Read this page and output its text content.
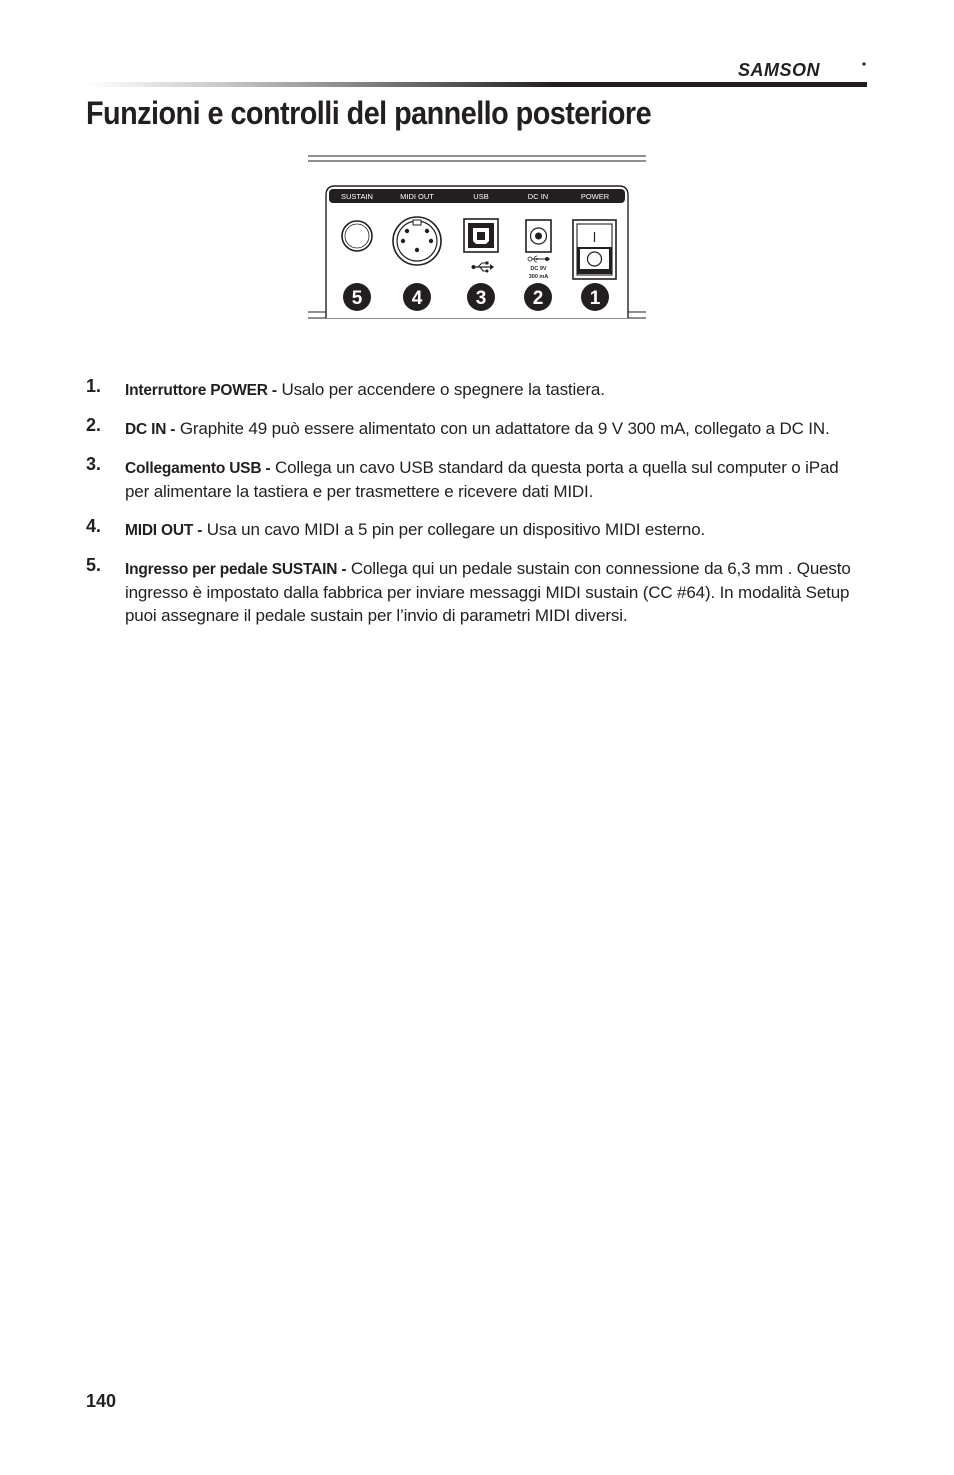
SAMSON
Funzioni e controlli del pannello posteriore
SUSTAIN	MIDI OUT	USB	DC IN	POWER
DC 9V
300 mA
5	4	3 2 1
1. Interruttore POWER - Usalo per accendere o spegnere la tastiera.
2. DC IN - Graphite 49 può essere alimentato con un adattatore da 9 V 300 mA, collegato a DC IN.
3. Collegamento USB - Collega un cavo USB standard da questa porta a quella sul computer o iPad per alimentare la tastiera e per trasmettere e ricevere dati MIDI.
4. MIDI OUT - Usa un cavo MIDI a 5 pin per collegare un dispositivo MIDI esterno.
5. Ingresso per pedale SUSTAIN - Collega qui un pedale sustain con connessione da 6,3 mm . Questo ingresso è impostato dalla fabbrica per inviare messaggi MIDI sustain (CC #64). In modalità Setup puoi assegnare il pedale sustain per l’invio di parametri MIDI diversi.
140
